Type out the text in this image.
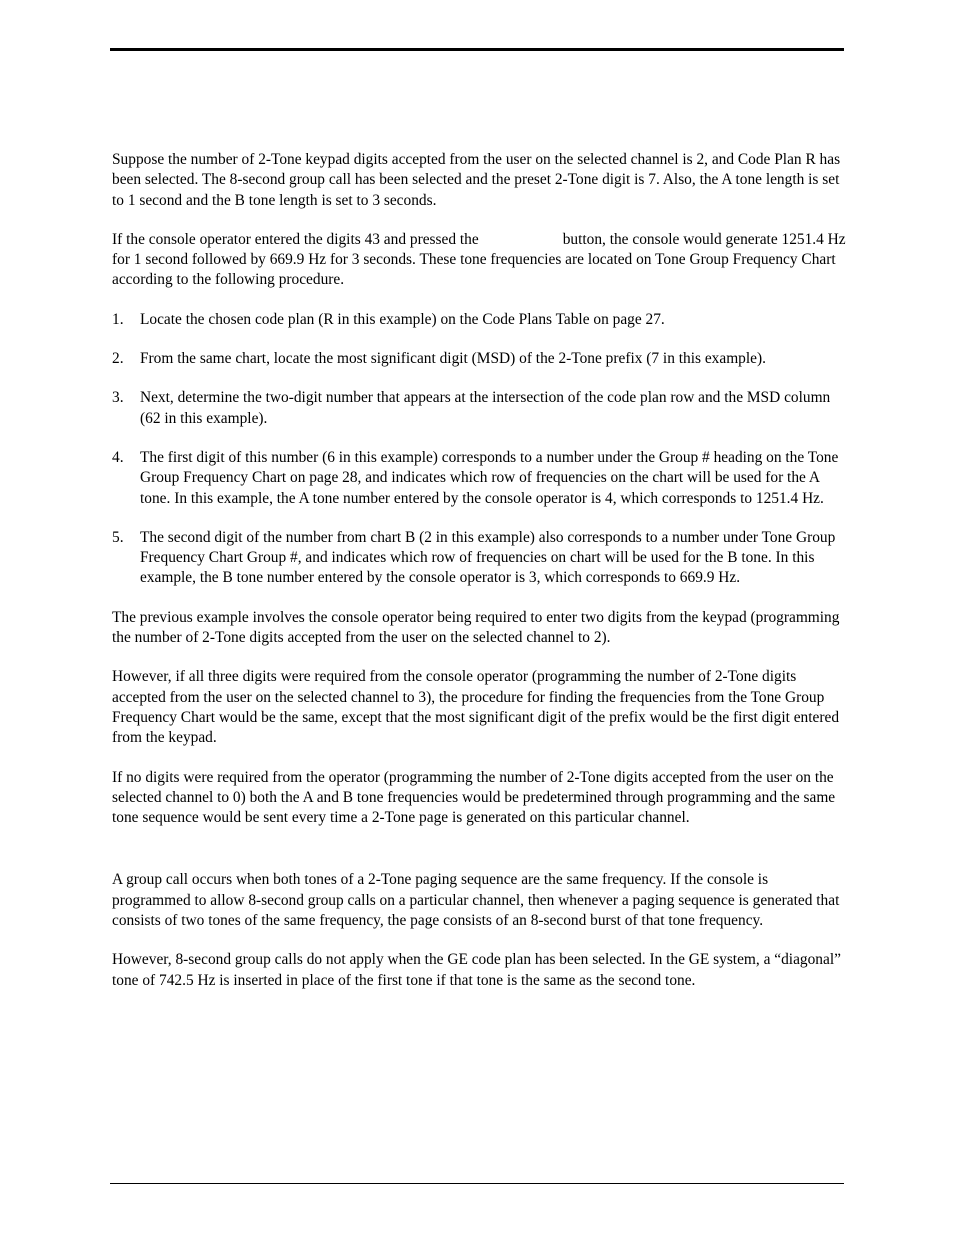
Suppose the number of 2-Tone keypad digits accepted from the user on the selected channel is 2, and Code Plan R has been selected. The 8-second group call has been selected and the preset 2-Tone digit is 7. Also, the A tone length is set to 1 second and the B tone length is set to 3 seconds.

If the console operator entered the digits 43 and pressed the	button, the console would generate 1251.4 Hz for 1 second followed by 669.9 Hz for 3 seconds. These tone frequencies are located on Tone Group Frequency Chart according to the following procedure.

1. Locate the chosen code plan (R in this example) on the Code Plans Table on page 27.
2. From the same chart, locate the most significant digit (MSD) of the 2-Tone prefix (7 in this example).
3. Next, determine the two-digit number that appears at the intersection of the code plan row and the MSD column (62 in this example).
4. The first digit of this number (6 in this example) corresponds to a number under the Group # heading on the Tone Group Frequency Chart on page 28, and indicates which row of frequencies on the chart will be used for the A tone. In this example, the A tone number entered by the console operator is 4, which corresponds to 1251.4 Hz.
5. The second digit of the number from chart B (2 in this example) also corresponds to a number under Tone Group Frequency Chart Group #, and indicates which row of frequencies on chart will be used for the B tone. In this example, the B tone number entered by the console operator is 3, which corresponds to 669.9 Hz.

The previous example involves the console operator being required to enter two digits from the keypad (programming the number of 2-Tone digits accepted from the user on the selected channel to 2).

However, if all three digits were required from the console operator (programming the number of 2-Tone digits accepted from the user on the selected channel to 3), the procedure for finding the frequencies from the Tone Group Frequency Chart would be the same, except that the most significant digit of the prefix would be the first digit entered from the keypad.

If no digits were required from the operator (programming the number of 2-Tone digits accepted from the user on the selected channel to 0) both the A and B tone frequencies would be predetermined through programming and the same tone sequence would be sent every time a 2-Tone page is generated on this particular channel.

A group call occurs when both tones of a 2-Tone paging sequence are the same frequency. If the console is programmed to allow 8-second group calls on a particular channel, then whenever a paging sequence is generated that consists of two tones of the same frequency, the page consists of an 8-second burst of that tone frequency.

However, 8-second group calls do not apply when the GE code plan has been selected. In the GE system, a “diagonal” tone of 742.5 Hz is inserted in place of the first tone if that tone is the same as the second tone.
